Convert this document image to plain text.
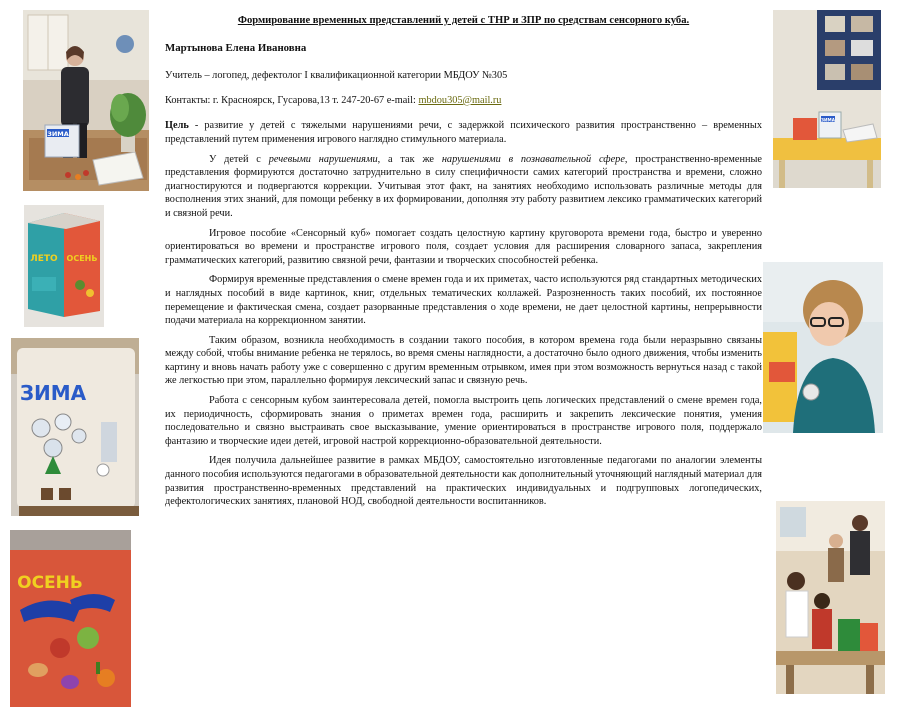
ЗИМА
ЛЕТО ОСЕНЬ
ЗИМА
ОСЕНЬ
ЗИМА
Формирование временных представлений у детей с ТНР и ЗПР по средствам сенсорного куба.
Мартынова Елена Ивановна
Учитель – логопед, дефектолог I квалификационной категории МБДОУ №305
Контакты: г. Красноярск, Гусарова,13 т. 247-20-67 e-mail: mbdou305@mail.ru
Цель - развитие у детей с тяжелыми нарушениями речи, с задержкой психического развития пространственно – временных представлений путем применения игрового наглядно стимульного материала.
У детей с речевыми нарушениями, а так же нарушениями в познавательной сфере, пространственно-временные представления формируются достаточно затруднительно в силу специфичности самих категорий пространства и времени, сложно диагностируются и подвергаются коррекции. Учитывая этот факт, на занятиях необходимо использовать различные методы для восполнения этих знаний, для помощи ребенку в их формировании, дополняя эту работу развитием лексико грамматических категорий и связной речи.
Игровое пособие «Сенсорный куб» помогает создать целостную картину круговорота времени года, быстро и уверенно ориентироваться во времени и пространстве игрового поля, создает условия для расширения словарного запаса, закрепления грамматических категорий, развитию связной речи, фантазии и творческих способностей ребенка.
Формируя временные представления о смене времен года и их приметах, часто используются ряд стандартных методических и наглядных пособий в виде картинок, книг, отдельных тематических коллажей. Разрозненность таких пособий, их постоянное перемещение и фактическая смена, создает разорванные представления о ходе времени, не дает целостной картины, непрерывности подачи материала на коррекционном занятии.
Таким образом, возникла необходимость в создании такого пособия, в котором времена года были неразрывно связаны между собой, чтобы внимание ребенка не терялось, во время смены наглядности, а достаточно было одного движения, чтобы изменить картину и вновь начать работу уже с совершенно с другим временным отрывком, имея при этом возможность вернуться назад с такой же легкостью при этом, параллельно формируя лексический запас и связную речь.
Работа с сенсорным кубом заинтересовала детей, помогла выстроить цепь логических представлений о смене времен года, их периодичность, сформировать знания о приметах времен года, расширить и закрепить лексические понятия, умения последовательно и связно выстраивать свое высказывание, умение ориентироваться в пространстве игрового поля, поддержало фантазию и творческие идеи детей, игровой настрой коррекционно-образовательной деятельности.
Идея получила дальнейшее развитие в рамках МБДОУ, самостоятельно изготовленные педагогами по аналогии элементы данного пособия используются педагогами в образовательной деятельности как дополнительный уточняющий наглядный материал для развития пространственно-временных представлений на практических индивидуальных и подгрупповых логопедических, дефектологических занятиях, плановой НОД, свободной деятельности воспитанников.
